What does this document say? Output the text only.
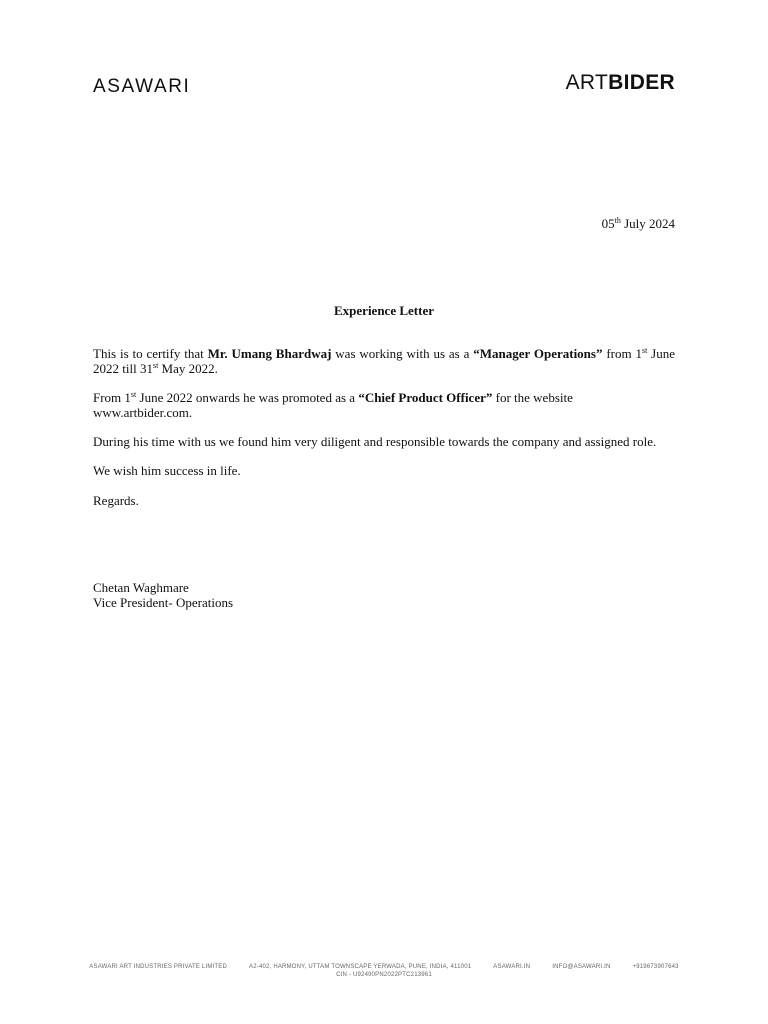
ASAWARI	ARTBIDER
05th July 2024
Experience Letter

This is to certify that Mr. Umang Bhardwaj was working with us as a “Manager Operations” from 1st June 2022 till 31st May 2022.

From 1st June 2022 onwards he was promoted as a “Chief Product Officer” for the website www.artbider.com.

During his time with us we found him very diligent and responsible towards the company and assigned role.

We wish him success in life.

Regards.
Chetan Waghmare
Vice President- Operations
ASAWARI ART INDUSTRIES PRIVATE LIMITED	A2-402, HARMONY, UTTAM TOWNSCAPE YERWADA, PUNE, INDIA, 411001	ASAWARI.IN	INFO@ASAWARI.IN	+919673907643
CIN - U92490PN2022PTC213961
